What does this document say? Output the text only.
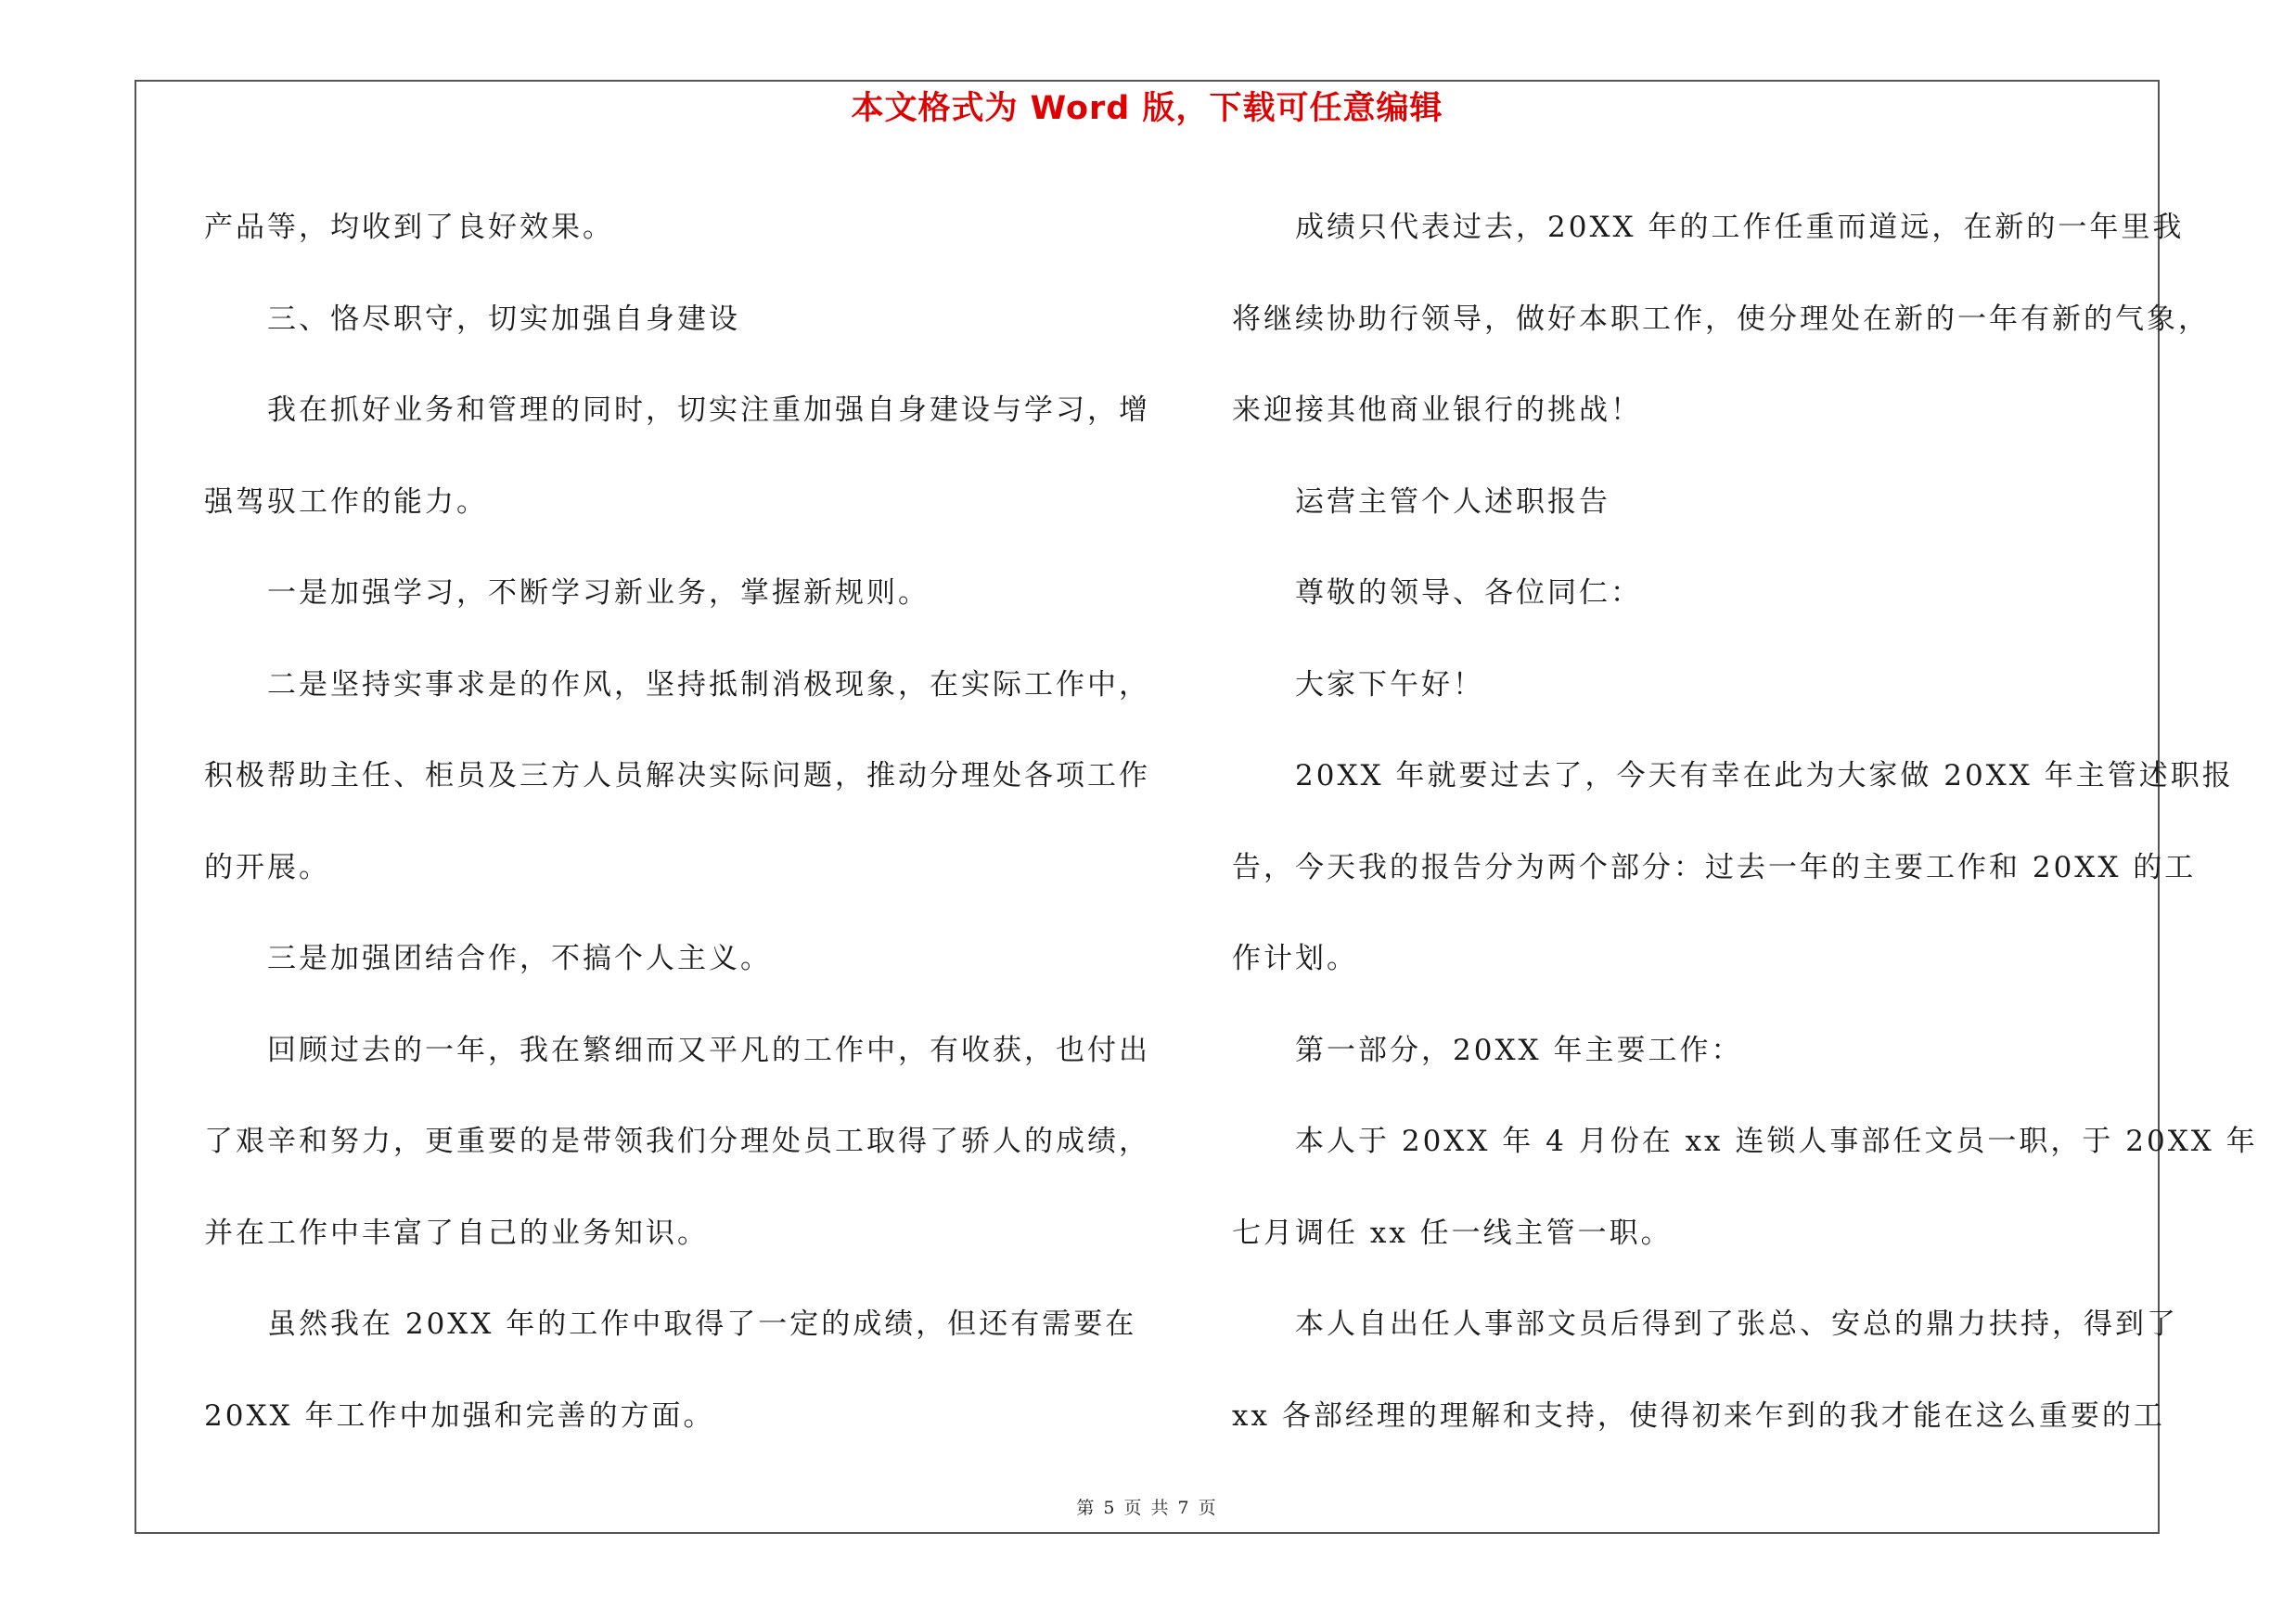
本文格式为 Word 版，下载可任意编辑

产品等，均收到了良好效果。

三、恪尽职守，切实加强自身建设

我在抓好业务和管理的同时，切实注重加强自身建设与学习，增

强驾驭工作的能力。

一是加强学习，不断学习新业务，掌握新规则。

二是坚持实事求是的作风，坚持抵制消极现象，在实际工作中，

积极帮助主任、柜员及三方人员解决实际问题，推动分理处各项工作

的开展。

三是加强团结合作，不搞个人主义。

回顾过去的一年，我在繁细而又平凡的工作中，有收获，也付出

了艰辛和努力，更重要的是带领我们分理处员工取得了骄人的成绩，

并在工作中丰富了自己的业务知识。

虽然我在 20XX 年的工作中取得了一定的成绩，但还有需要在

20XX 年工作中加强和完善的方面。

成绩只代表过去，20XX 年的工作任重而道远，在新的一年里我

将继续协助行领导，做好本职工作，使分理处在新的一年有新的气象，

来迎接其他商业银行的挑战！

运营主管个人述职报告

尊敬的领导、各位同仁：

大家下午好！

20XX 年就要过去了，今天有幸在此为大家做 20XX 年主管述职报

告，今天我的报告分为两个部分：过去一年的主要工作和 20XX 的工

作计划。

第一部分，20XX 年主要工作：

本人于 20XX 年 4 月份在 xx 连锁人事部任文员一职，于 20XX 年

七月调任 xx 任一线主管一职。

本人自出任人事部文员后得到了张总、安总的鼎力扶持，得到了

xx 各部经理的理解和支持，使得初来乍到的我才能在这么重要的工

第 5 页 共 7 页
